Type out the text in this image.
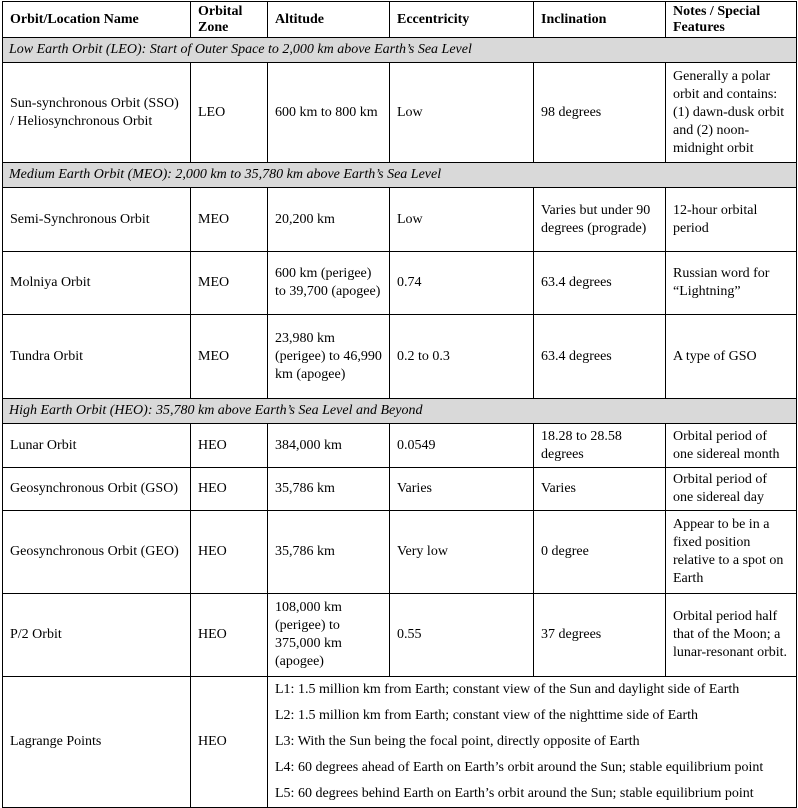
Orbit/Location Name	Orbital Zone	Altitude	Eccentricity	Inclination	Notes / Special Features
Low Earth Orbit (LEO): Start of Outer Space to 2,000 km above Earth’s Sea Level					
Sun-synchronous Orbit (SSO) / Heliosynchronous Orbit	LEO	600 km to 800 km	Low	98 degrees	Generally a polar orbit and contains: (1) dawn-dusk orbit and (2) noon-midnight orbit
Medium Earth Orbit (MEO): 2,000 km to 35,780 km above Earth’s Sea Level					
Semi-Synchronous Orbit	MEO	20,200 km	Low	Varies but under 90 degrees (prograde)	12-hour orbital period
Molniya Orbit	MEO	600 km (perigee) to 39,700 (apogee)	0.74	63.4 degrees	Russian word for “Lightning”
Tundra Orbit	MEO	23,980 km (perigee) to 46,990 km (apogee)	0.2 to 0.3	63.4 degrees	A type of GSO
High Earth Orbit (HEO): 35,780 km above Earth’s Sea Level and Beyond					
Lunar Orbit	HEO	384,000 km	0.0549	18.28 to 28.58 degrees	Orbital period of one sidereal month
Geosynchronous Orbit (GSO)	HEO	35,786 km	Varies	Varies	Orbital period of one sidereal day
Geosynchronous Orbit (GEO)	HEO	35,786 km	Very low	0 degree	Appear to be in a fixed position relative to a spot on Earth
P/2 Orbit	HEO	108,000 km (perigee) to 375,000 km (apogee)	0.55	37 degrees	Orbital period half that of the Moon; a lunar-resonant orbit.
Lagrange Points	HEO	L1: 1.5 million km from Earth; constant view of the Sun and daylight side of Earth
L2: 1.5 million km from Earth; constant view of the nighttime side of Earth
L3: With the Sun being the focal point, directly opposite of Earth
L4: 60 degrees ahead of Earth on Earth’s orbit around the Sun; stable equilibrium point
L5: 60 degrees behind Earth on Earth’s orbit around the Sun; stable equilibrium point			
